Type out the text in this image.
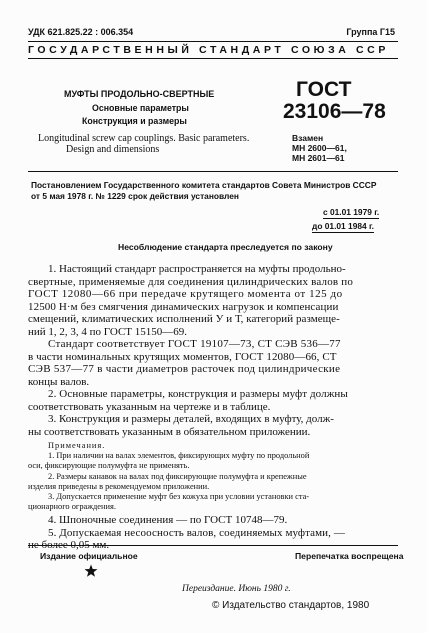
УДК 621.825.22 : 006.354	Группа Г15
ГОСУДАРСТВЕННЫЙ СТАНДАРТ СОЮЗА ССР
МУФТЫ ПРОДОЛЬНО-СВЕРТНЫЕ
Основные параметры
Конструкция и размеры
Longitudinal screw cap couplings. Basic parameters.
Design and dimensions
ГОСТ
23106—78
Взамен
МН 2600—61,
МН 2601—61
Постановлением Государственного комитета стандартов Совета Министров СССР
от 5 мая 1978 г. № 1229 срок действия установлен
с 01.01 1979 г.
до 01.01 1984 г.
Несоблюдение стандарта преследуется по закону
1. Настоящий стандарт распространяется на муфты продольно-
свертные, применяемые для соединения цилиндрических валов по
ГОСТ 12080—66 при передаче крутящего момента от 125 до
12500 Н·м без смягчения динамических нагрузок и компенсации
смещений, климатических исполнений У и Т, категорий размеще-
ний 1, 2, 3, 4 по ГОСТ 15150—69.
Стандарт соответствует ГОСТ 19107—73, СТ СЭВ 536—77
в части номинальных крутящих моментов, ГОСТ 12080—66, СТ
СЭВ 537—77 в части диаметров расточек под цилиндрические
концы валов.
2. Основные параметры, конструкция и размеры муфт должны
соответствовать указанным на чертеже и в таблице.
3. Конструкция и размеры деталей, входящих в муфту, долж-
ны соответствовать указанным в обязательном приложении.
Примечания.
1. При наличии на валах элементов, фиксирующих муфту по продольной
оси, фиксирующие полумуфта не применять.
2. Размеры канавок на валах под фиксирующие полумуфта и крепежные
изделия приведены в рекомендуемом приложении.
3. Допускается применение муфт без кожуха при условии установки ста-
ционарного ограждения.
4. Шпоночные соединения — по ГОСТ 10748—79.
5. Допускаемая несоосность валов, соединяемых муфтами, —
не более 0,05 мм.
Издание официальное	Перепечатка воспрещена
Переиздание. Июнь 1980 г.
© Издательство стандартов, 1980
